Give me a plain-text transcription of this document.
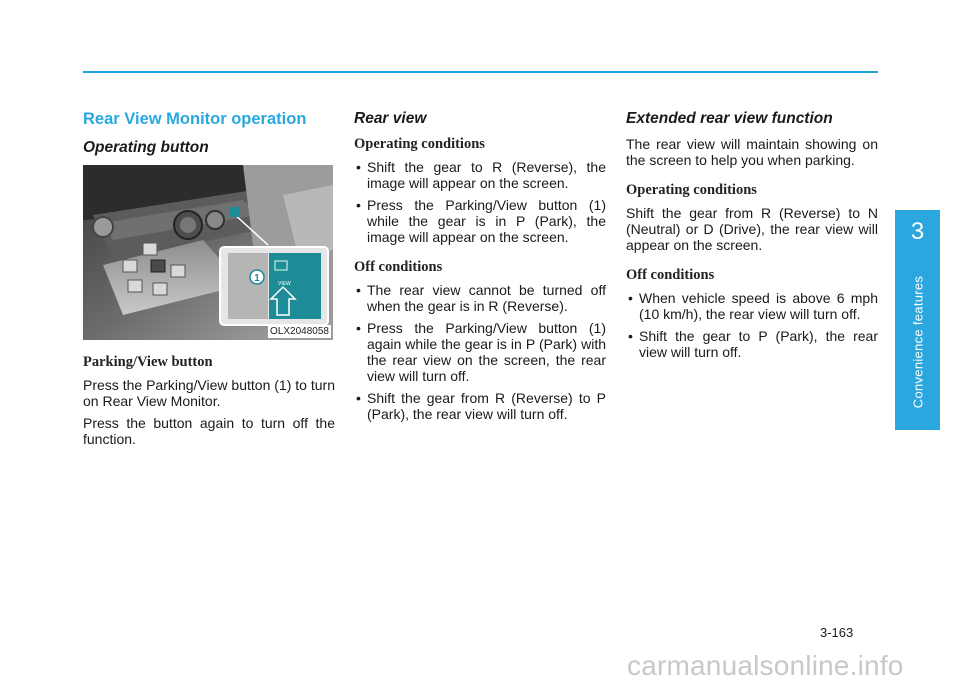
Rear View Monitor operation
Operating button
VIEW
1
OLX2048058
Parking/View button

Press the Parking/View button (1) to turn on Rear View Monitor.

Press the button again to turn off the function.

Rear view
Operating conditions
• Shift the gear to R (Reverse), the image will appear on the screen.
• Press the Parking/View button (1) while the gear is in P (Park), the image will appear on the screen.
Off conditions
• The rear view cannot be turned off when the gear is in R (Reverse).
• Press the Parking/View button (1) again while the gear is in P (Park) with the rear view on the screen, the rear view will turn off.
• Shift the gear from R (Reverse) to P (Park), the rear view will turn off.
Extended rear view function

The rear view will maintain showing on the screen to help you when parking.

Operating conditions

Shift the gear from R (Reverse) to N (Neutral) or D (Drive), the rear view will appear on the screen.

Off conditions
• When vehicle speed is above 6 mph (10 km/h), the rear view will turn off.
• Shift the gear to P (Park), the rear view will turn off.
3
Convenience features
3-163
carmanualsonline.info
